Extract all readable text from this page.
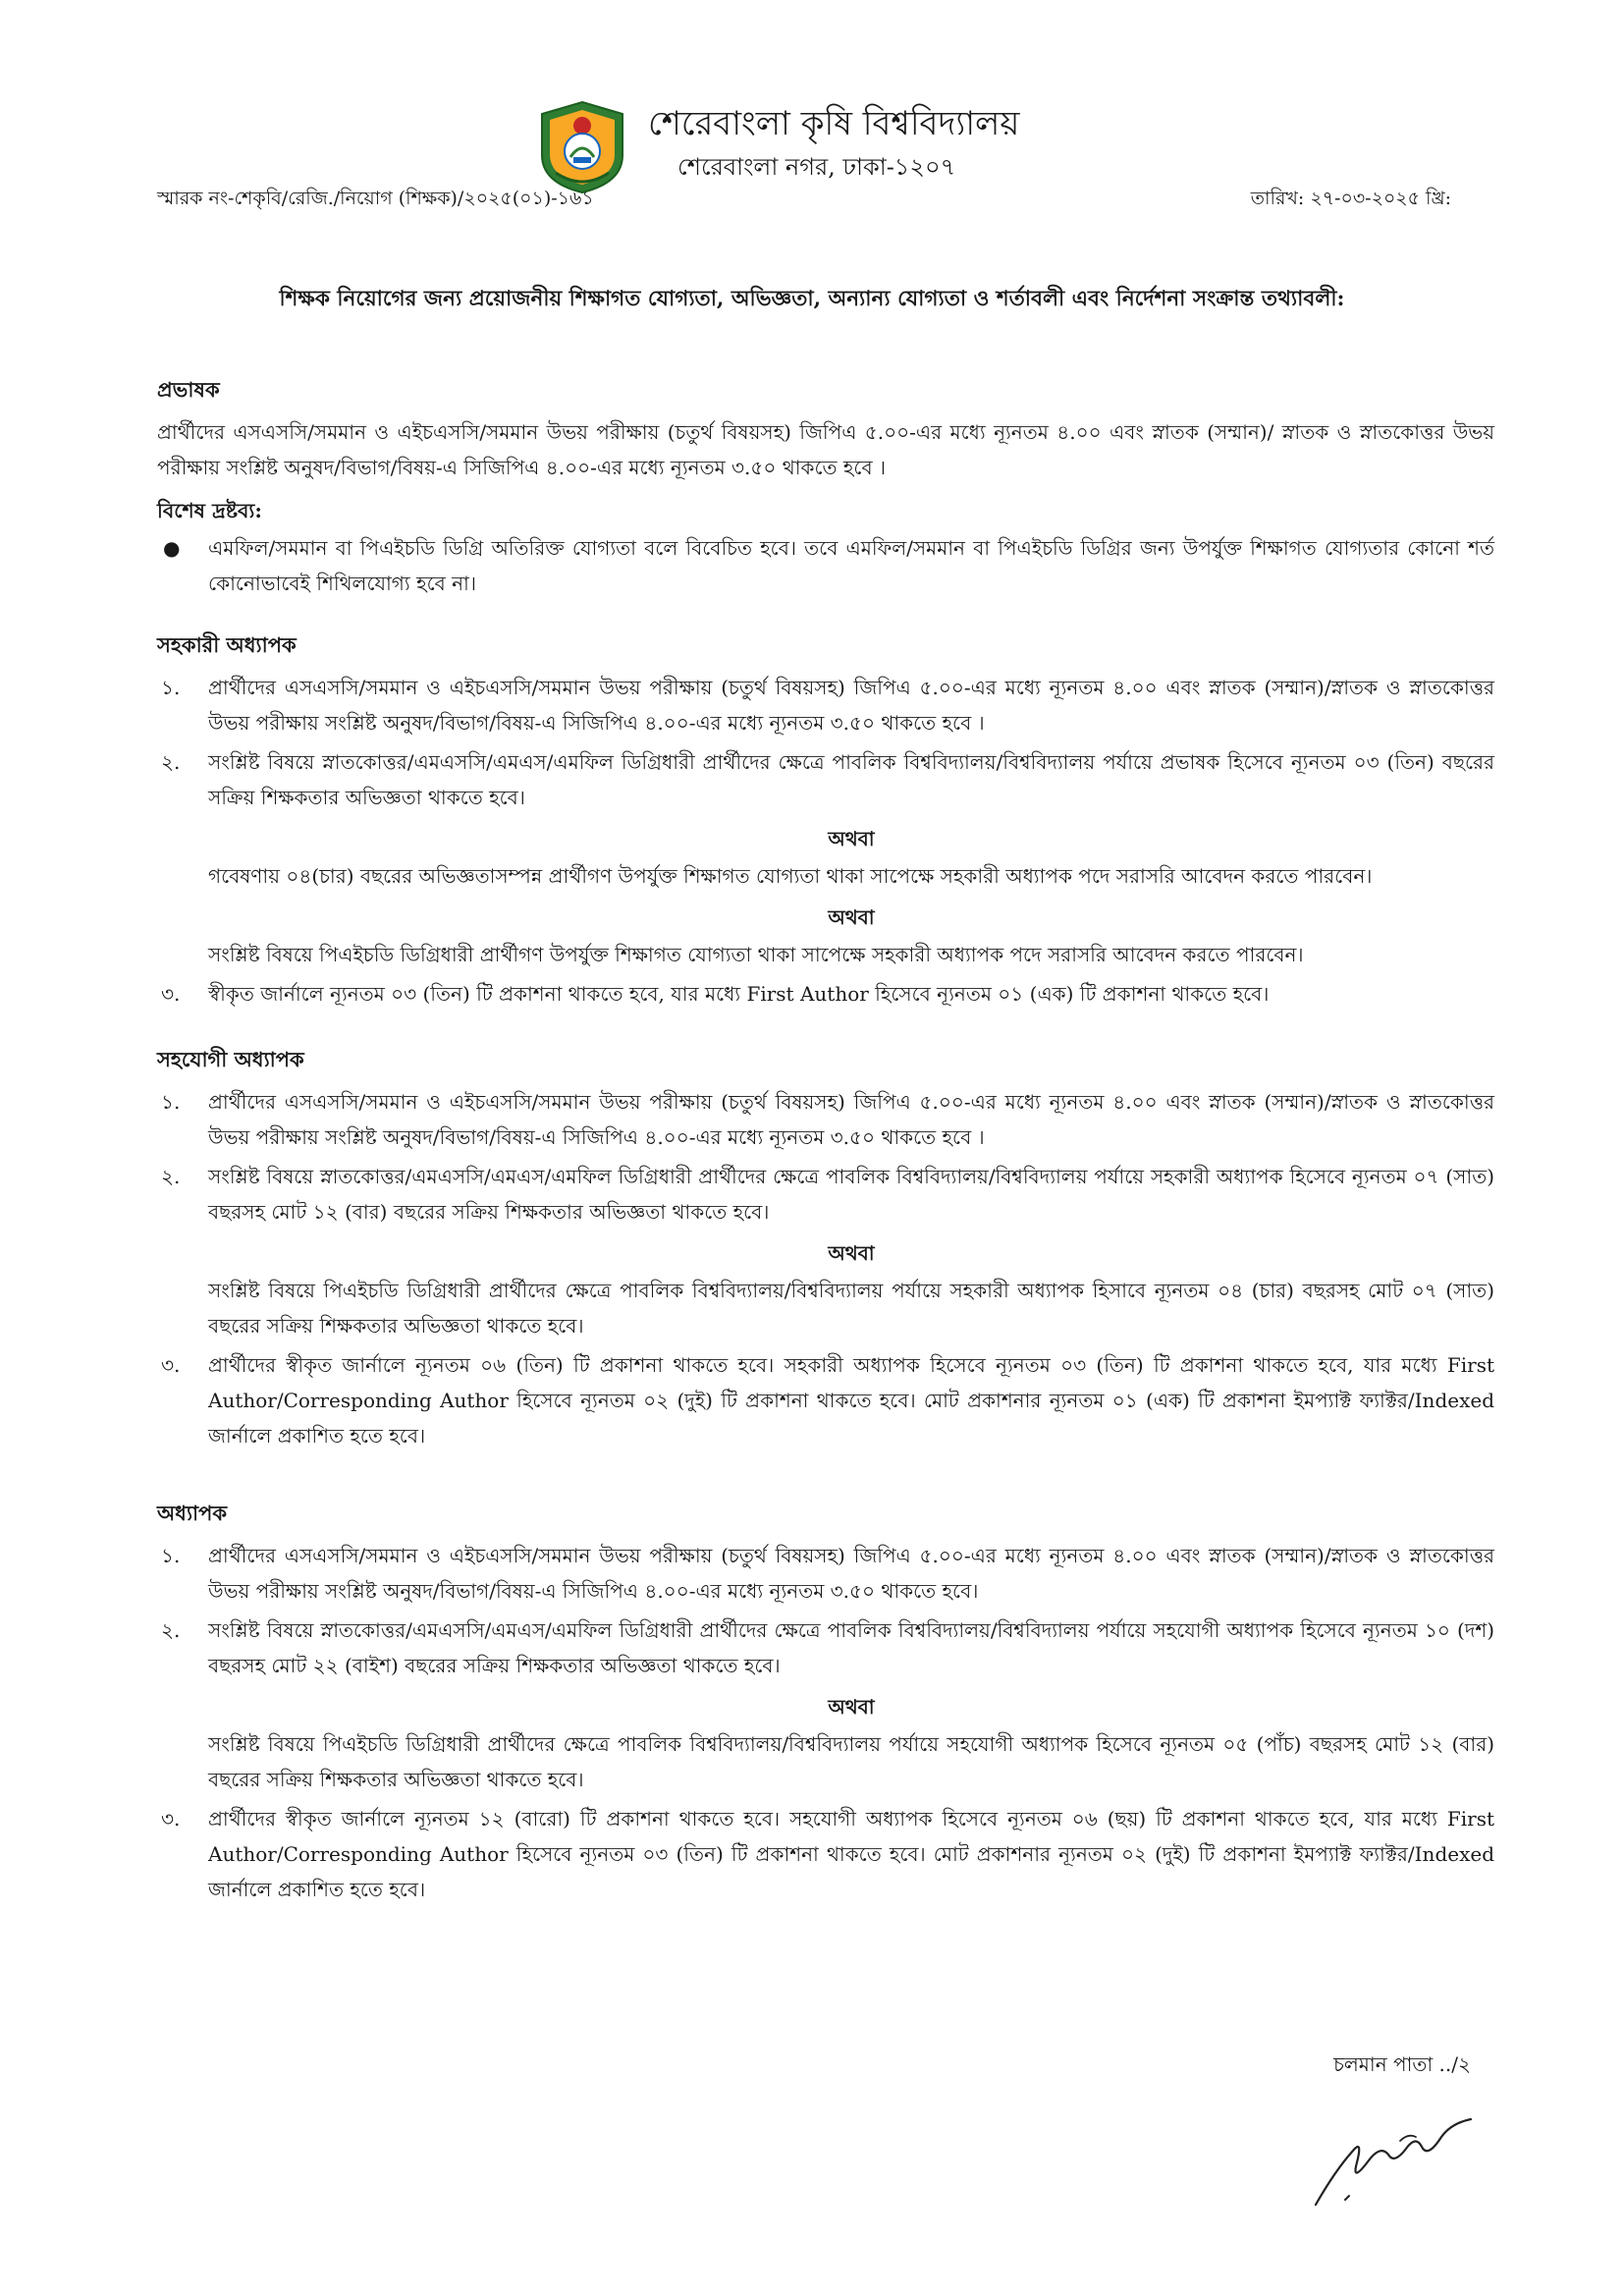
শেরেবাংলা কৃষি বিশ্ববিদ্যালয়
শেরেবাংলা নগর, ঢাকা-১২০৭
স্মারক নং-শেকৃবি/রেজি./নিয়োগ (শিক্ষক)/২০২৫(০১)-১৬১	তারিখ: ২৭-০৩-২০২৫ খ্রি:
শিক্ষক নিয়োগের জন্য প্রয়োজনীয় শিক্ষাগত যোগ্যতা, অভিজ্ঞতা, অন্যান্য যোগ্যতা ও শর্তাবলী এবং নির্দেশনা সংক্রান্ত তথ্যাবলী:
প্রভাষক

প্রার্থীদের এসএসসি/সমমান ও এইচএসসি/সমমান উভয় পরীক্ষায় (চতুর্থ বিষয়সহ) জিপিএ ৫.০০-এর মধ্যে ন্যূনতম ৪.০০ এবং স্নাতক (সম্মান)/ স্নাতক ও স্নাতকোত্তর উভয় পরীক্ষায় সংশ্লিষ্ট অনুষদ/বিভাগ/বিষয়-এ সিজিপিএ ৪.০০-এর মধ্যে ন্যূনতম ৩.৫০ থাকতে হবে ।

বিশেষ দ্রষ্টব্য:
● এমফিল/সমমান বা পিএইচডি ডিগ্রি অতিরিক্ত যোগ্যতা বলে বিবেচিত হবে। তবে এমফিল/সমমান বা পিএইচডি ডিগ্রির জন্য উপর্যুক্ত শিক্ষাগত যোগ্যতার কোনো শর্ত কোনোভাবেই শিথিলযোগ্য হবে না।
সহকারী অধ্যাপক
১. প্রার্থীদের এসএসসি/সমমান ও এইচএসসি/সমমান উভয় পরীক্ষায় (চতুর্থ বিষয়সহ) জিপিএ ৫.০০-এর মধ্যে ন্যূনতম ৪.০০ এবং স্নাতক (সম্মান)/স্নাতক ও স্নাতকোত্তর উভয় পরীক্ষায় সংশ্লিষ্ট অনুষদ/বিভাগ/বিষয়-এ সিজিপিএ ৪.০০-এর মধ্যে ন্যূনতম ৩.৫০ থাকতে হবে ।
২. সংশ্লিষ্ট বিষয়ে স্নাতকোত্তর/এমএসসি/এমএস/এমফিল ডিগ্রিধারী প্রার্থীদের ক্ষেত্রে পাবলিক বিশ্ববিদ্যালয়/বিশ্ববিদ্যালয় পর্যায়ে প্রভাষক হিসেবে ন্যূনতম ০৩ (তিন) বছরের সক্রিয় শিক্ষকতার অভিজ্ঞতা থাকতে হবে।
অথবা
গবেষণায় ০৪(চার) বছরের অভিজ্ঞতাসম্পন্ন প্রার্থীগণ উপর্যুক্ত শিক্ষাগত যোগ্যতা থাকা সাপেক্ষে সহকারী অধ্যাপক পদে সরাসরি আবেদন করতে পারবেন।
অথবা
সংশ্লিষ্ট বিষয়ে পিএইচডি ডিগ্রিধারী প্রার্থীগণ উপর্যুক্ত শিক্ষাগত যোগ্যতা থাকা সাপেক্ষে সহকারী অধ্যাপক পদে সরাসরি আবেদন করতে পারবেন।
৩. স্বীকৃত জার্নালে ন্যূনতম ০৩ (তিন) টি প্রকাশনা থাকতে হবে, যার মধ্যে First Author হিসেবে ন্যূনতম ০১ (এক) টি প্রকাশনা থাকতে হবে।
সহযোগী অধ্যাপক
১. প্রার্থীদের এসএসসি/সমমান ও এইচএসসি/সমমান উভয় পরীক্ষায় (চতুর্থ বিষয়সহ) জিপিএ ৫.০০-এর মধ্যে ন্যূনতম ৪.০০ এবং স্নাতক (সম্মান)/স্নাতক ও স্নাতকোত্তর উভয় পরীক্ষায় সংশ্লিষ্ট অনুষদ/বিভাগ/বিষয়-এ সিজিপিএ ৪.০০-এর মধ্যে ন্যূনতম ৩.৫০ থাকতে হবে ।
২. সংশ্লিষ্ট বিষয়ে স্নাতকোত্তর/এমএসসি/এমএস/এমফিল ডিগ্রিধারী প্রার্থীদের ক্ষেত্রে পাবলিক বিশ্ববিদ্যালয়/বিশ্ববিদ্যালয় পর্যায়ে সহকারী অধ্যাপক হিসেবে ন্যূনতম ০৭ (সাত) বছরসহ মোট ১২ (বার) বছরের সক্রিয় শিক্ষকতার অভিজ্ঞতা থাকতে হবে।
অথবা
সংশ্লিষ্ট বিষয়ে পিএইচডি ডিগ্রিধারী প্রার্থীদের ক্ষেত্রে পাবলিক বিশ্ববিদ্যালয়/বিশ্ববিদ্যালয় পর্যায়ে সহকারী অধ্যাপক হিসাবে ন্যূনতম ০৪ (চার) বছরসহ মোট ০৭ (সাত) বছরের সক্রিয় শিক্ষকতার অভিজ্ঞতা থাকতে হবে।
৩. প্রার্থীদের স্বীকৃত জার্নালে ন্যূনতম ০৬ (তিন) টি প্রকাশনা থাকতে হবে। সহকারী অধ্যাপক হিসেবে ন্যূনতম ০৩ (তিন) টি প্রকাশনা থাকতে হবে, যার মধ্যে First Author/Corresponding Author হিসেবে ন্যূনতম ০২ (দুই) টি প্রকাশনা থাকতে হবে। মোট প্রকাশনার ন্যূনতম ০১ (এক) টি প্রকাশনা ইমপ্যাক্ট ফ্যাক্টর/Indexed জার্নালে প্রকাশিত হতে হবে।
অধ্যাপক
১. প্রার্থীদের এসএসসি/সমমান ও এইচএসসি/সমমান উভয় পরীক্ষায় (চতুর্থ বিষয়সহ) জিপিএ ৫.০০-এর মধ্যে ন্যূনতম ৪.০০ এবং স্নাতক (সম্মান)/স্নাতক ও স্নাতকোত্তর উভয় পরীক্ষায় সংশ্লিষ্ট অনুষদ/বিভাগ/বিষয়-এ সিজিপিএ ৪.০০-এর মধ্যে ন্যূনতম ৩.৫০ থাকতে হবে।
২. সংশ্লিষ্ট বিষয়ে স্নাতকোত্তর/এমএসসি/এমএস/এমফিল ডিগ্রিধারী প্রার্থীদের ক্ষেত্রে পাবলিক বিশ্ববিদ্যালয়/বিশ্ববিদ্যালয় পর্যায়ে সহযোগী অধ্যাপক হিসেবে ন্যূনতম ১০ (দশ) বছরসহ মোট ২২ (বাইশ) বছরের সক্রিয় শিক্ষকতার অভিজ্ঞতা থাকতে হবে।
অথবা
সংশ্লিষ্ট বিষয়ে পিএইচডি ডিগ্রিধারী প্রার্থীদের ক্ষেত্রে পাবলিক বিশ্ববিদ্যালয়/বিশ্ববিদ্যালয় পর্যায়ে সহযোগী অধ্যাপক হিসেবে ন্যূনতম ০৫ (পাঁচ) বছরসহ মোট ১২ (বার) বছরের সক্রিয় শিক্ষকতার অভিজ্ঞতা থাকতে হবে।
৩. প্রার্থীদের স্বীকৃত জার্নালে ন্যূনতম ১২ (বারো) টি প্রকাশনা থাকতে হবে। সহযোগী অধ্যাপক হিসেবে ন্যূনতম ০৬ (ছয়) টি প্রকাশনা থাকতে হবে, যার মধ্যে First Author/Corresponding Author হিসেবে ন্যূনতম ০৩ (তিন) টি প্রকাশনা থাকতে হবে। মোট প্রকাশনার ন্যূনতম ০২ (দুই) টি প্রকাশনা ইমপ্যাক্ট ফ্যাক্টর/Indexed জার্নালে প্রকাশিত হতে হবে।
চলমান পাতা ../২
